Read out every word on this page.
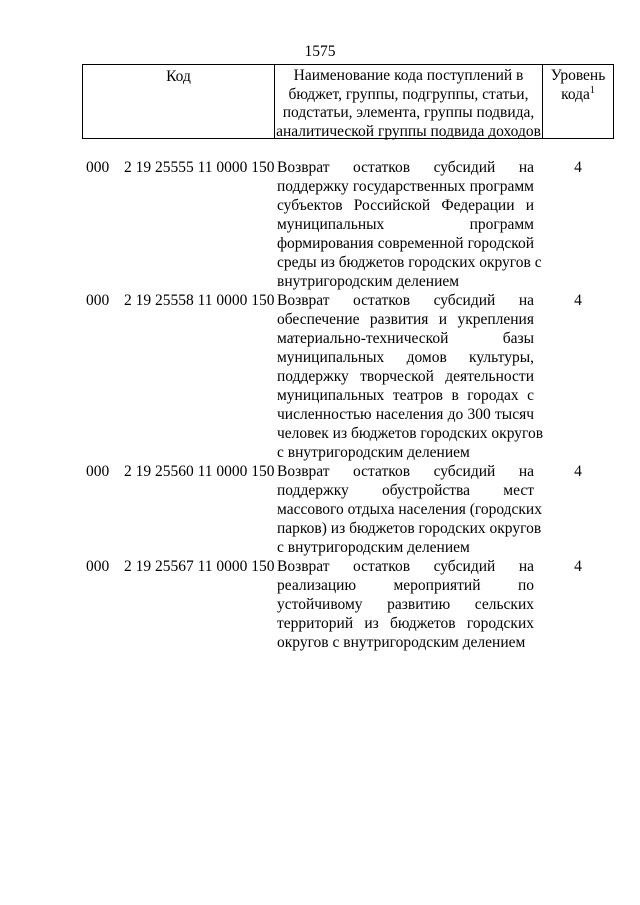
1575
Код	Наименование кода поступлений в бюджет, группы, подгруппы, статьи, подстатьи, элемента, группы подвида, аналитической группы подвида доходов
Уровень кода$^1$
000 2 19 25555 11 0000 150 Возврат остатков субсидий на
поддержку государственных программ
субъектов Российской Федерации и
муниципальных программ
формирования современной городской
среды из бюджетов городских округов с
внутригородским делением
4
000 2 19 25558 11 0000 150 Возврат остатков субсидий на
обеспечение развития и укрепления
материально-технической базы
муниципальных домов культуры,
поддержку творческой деятельности
муниципальных театров в городах с
численностью населения до 300 тысяч
человек из бюджетов городских округов
с внутригородским делением
4
000 2 19 25560 11 0000 150 Возврат остатков субсидий на
поддержку обустройства мест
массового отдыха населения (городских
парков) из бюджетов городских округов
с внутригородским делением
4
000 2 19 25567 11 0000 150 Возврат остатков субсидий на
реализацию мероприятий по
устойчивому развитию сельских
территорий из бюджетов городских
округов с внутригородским делением
4
